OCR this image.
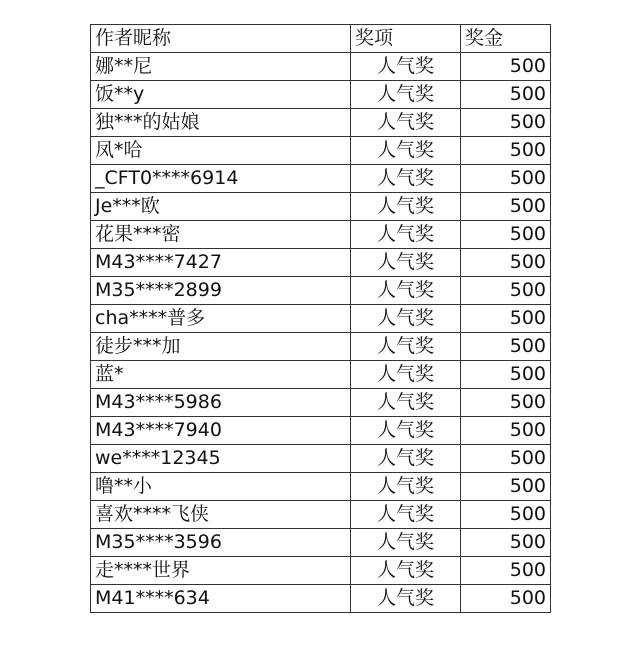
作者昵称	奖项	奖金
娜**尼	人气奖	500
饭**y	人气奖	500
独***的姑娘	人气奖	500
凤*哈	人气奖	500
_CFT0****6914	人气奖	500
Je***欧	人气奖	500
花果***密	人气奖	500
M43****7427	人气奖	500
M35****2899	人气奖	500
cha****普多	人气奖	500
徒步***加	人气奖	500
蓝*	人气奖	500
M43****5986	人气奖	500
M43****7940	人气奖	500
we****12345	人气奖	500
噜**小	人气奖	500
喜欢****飞侠	人气奖	500
M35****3596	人气奖	500
走****世界	人气奖	500
M41****634	人气奖	500
